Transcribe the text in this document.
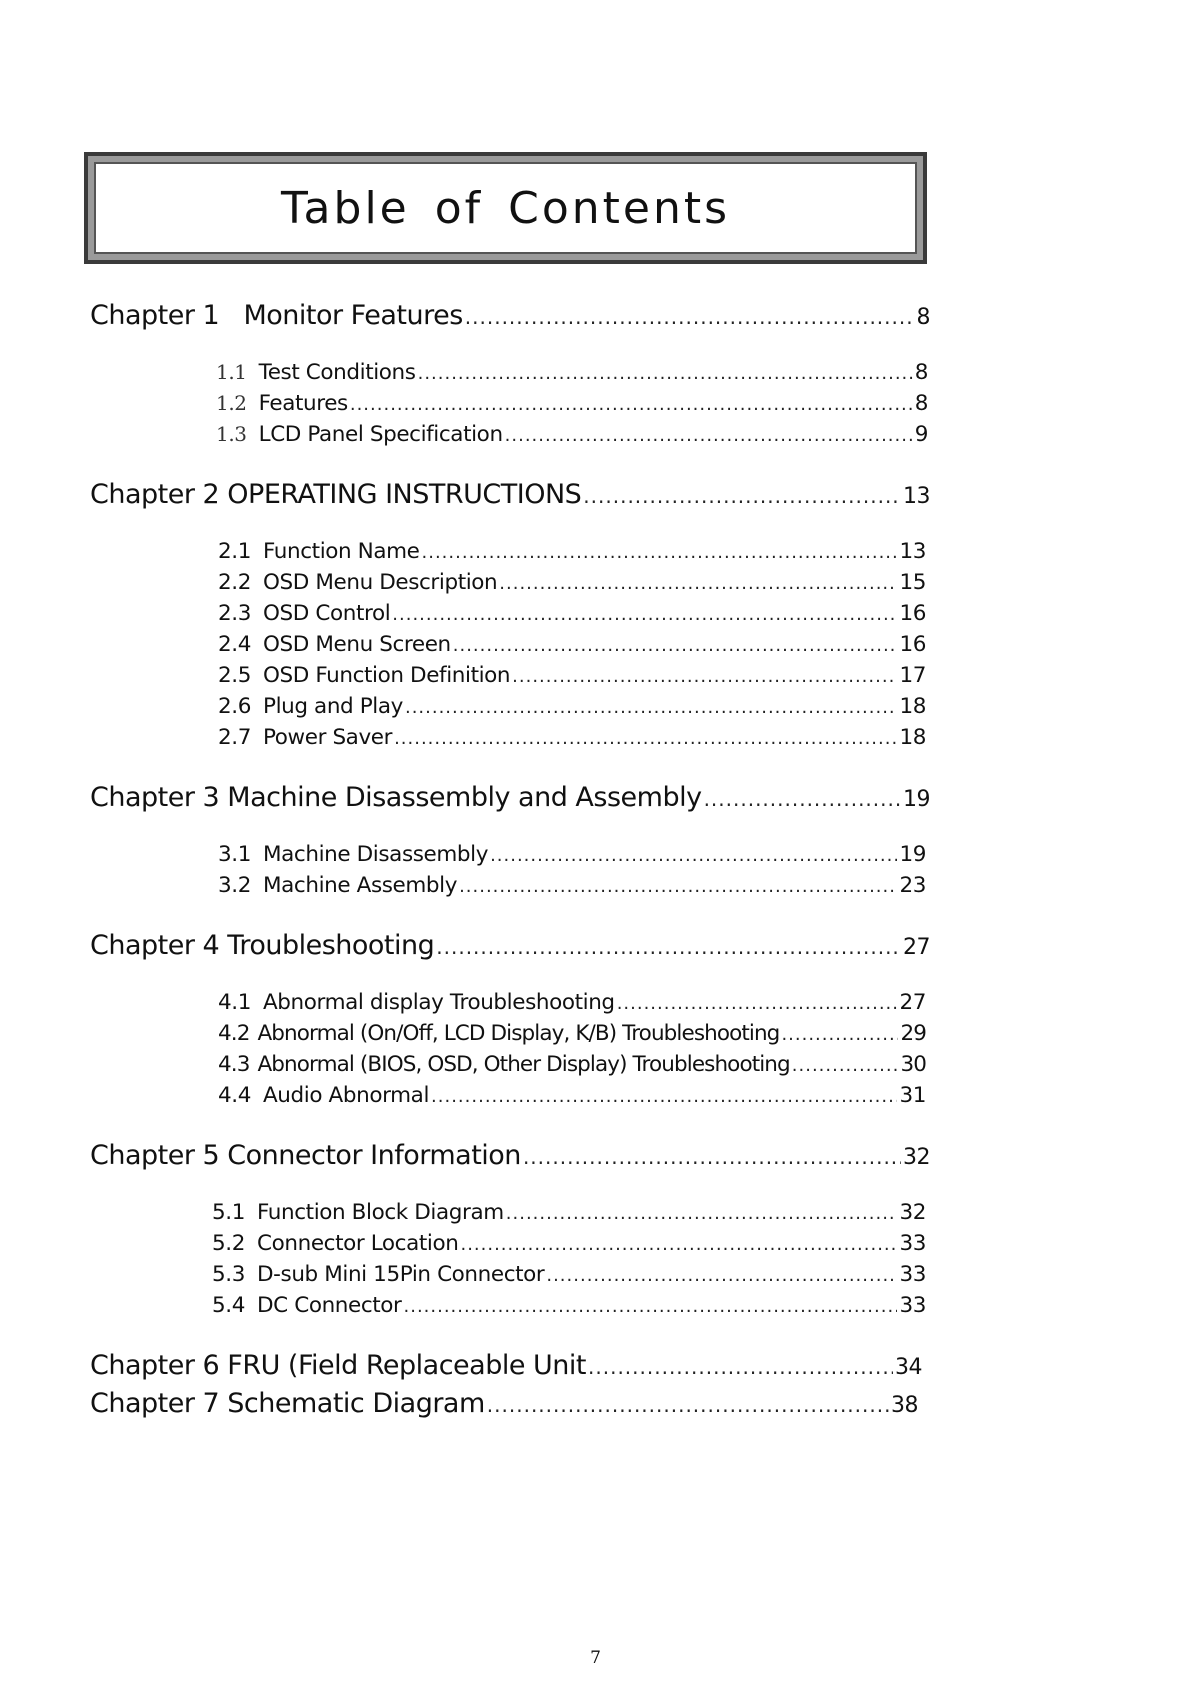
Table of Contents
Chapter 1   Monitor Features .....	8
1.1 Test Conditions .....	8
1.2 Features .....	8
1.3 LCD Panel Specification .....	9
Chapter 2 OPERATING INSTRUCTIONS .....	13
2.1 Function Name .....	13
2.2 OSD Menu Description .....	15
2.3 OSD Control .....	16
2.4 OSD Menu Screen .....	16
2.5 OSD Function Definition .....	17
2.6 Plug and Play .....	18
2.7 Power Saver .....	18
Chapter 3 Machine Disassembly and Assembly .....	19
3.1 Machine Disassembly .....	19
3.2 Machine Assembly .....	23
Chapter 4 Troubleshooting .....	27
4.1 Abnormal display Troubleshooting .....	27
4.2 Abnormal (On/Off, LCD Display, K/B) Troubleshooting .....	29
4.3 Abnormal (BIOS, OSD, Other Display) Troubleshooting .....	30
4.4 Audio Abnormal .....	31
Chapter 5 Connector Information .....	32
5.1 Function Block Diagram .....	32
5.2 Connector Location .....	33
5.3 D-sub Mini 15Pin Connector .....	33
5.4 DC Connector .....	33
Chapter 6 FRU (Field Replaceable Unit .....	34
Chapter 7 Schematic Diagram .....	38
7
